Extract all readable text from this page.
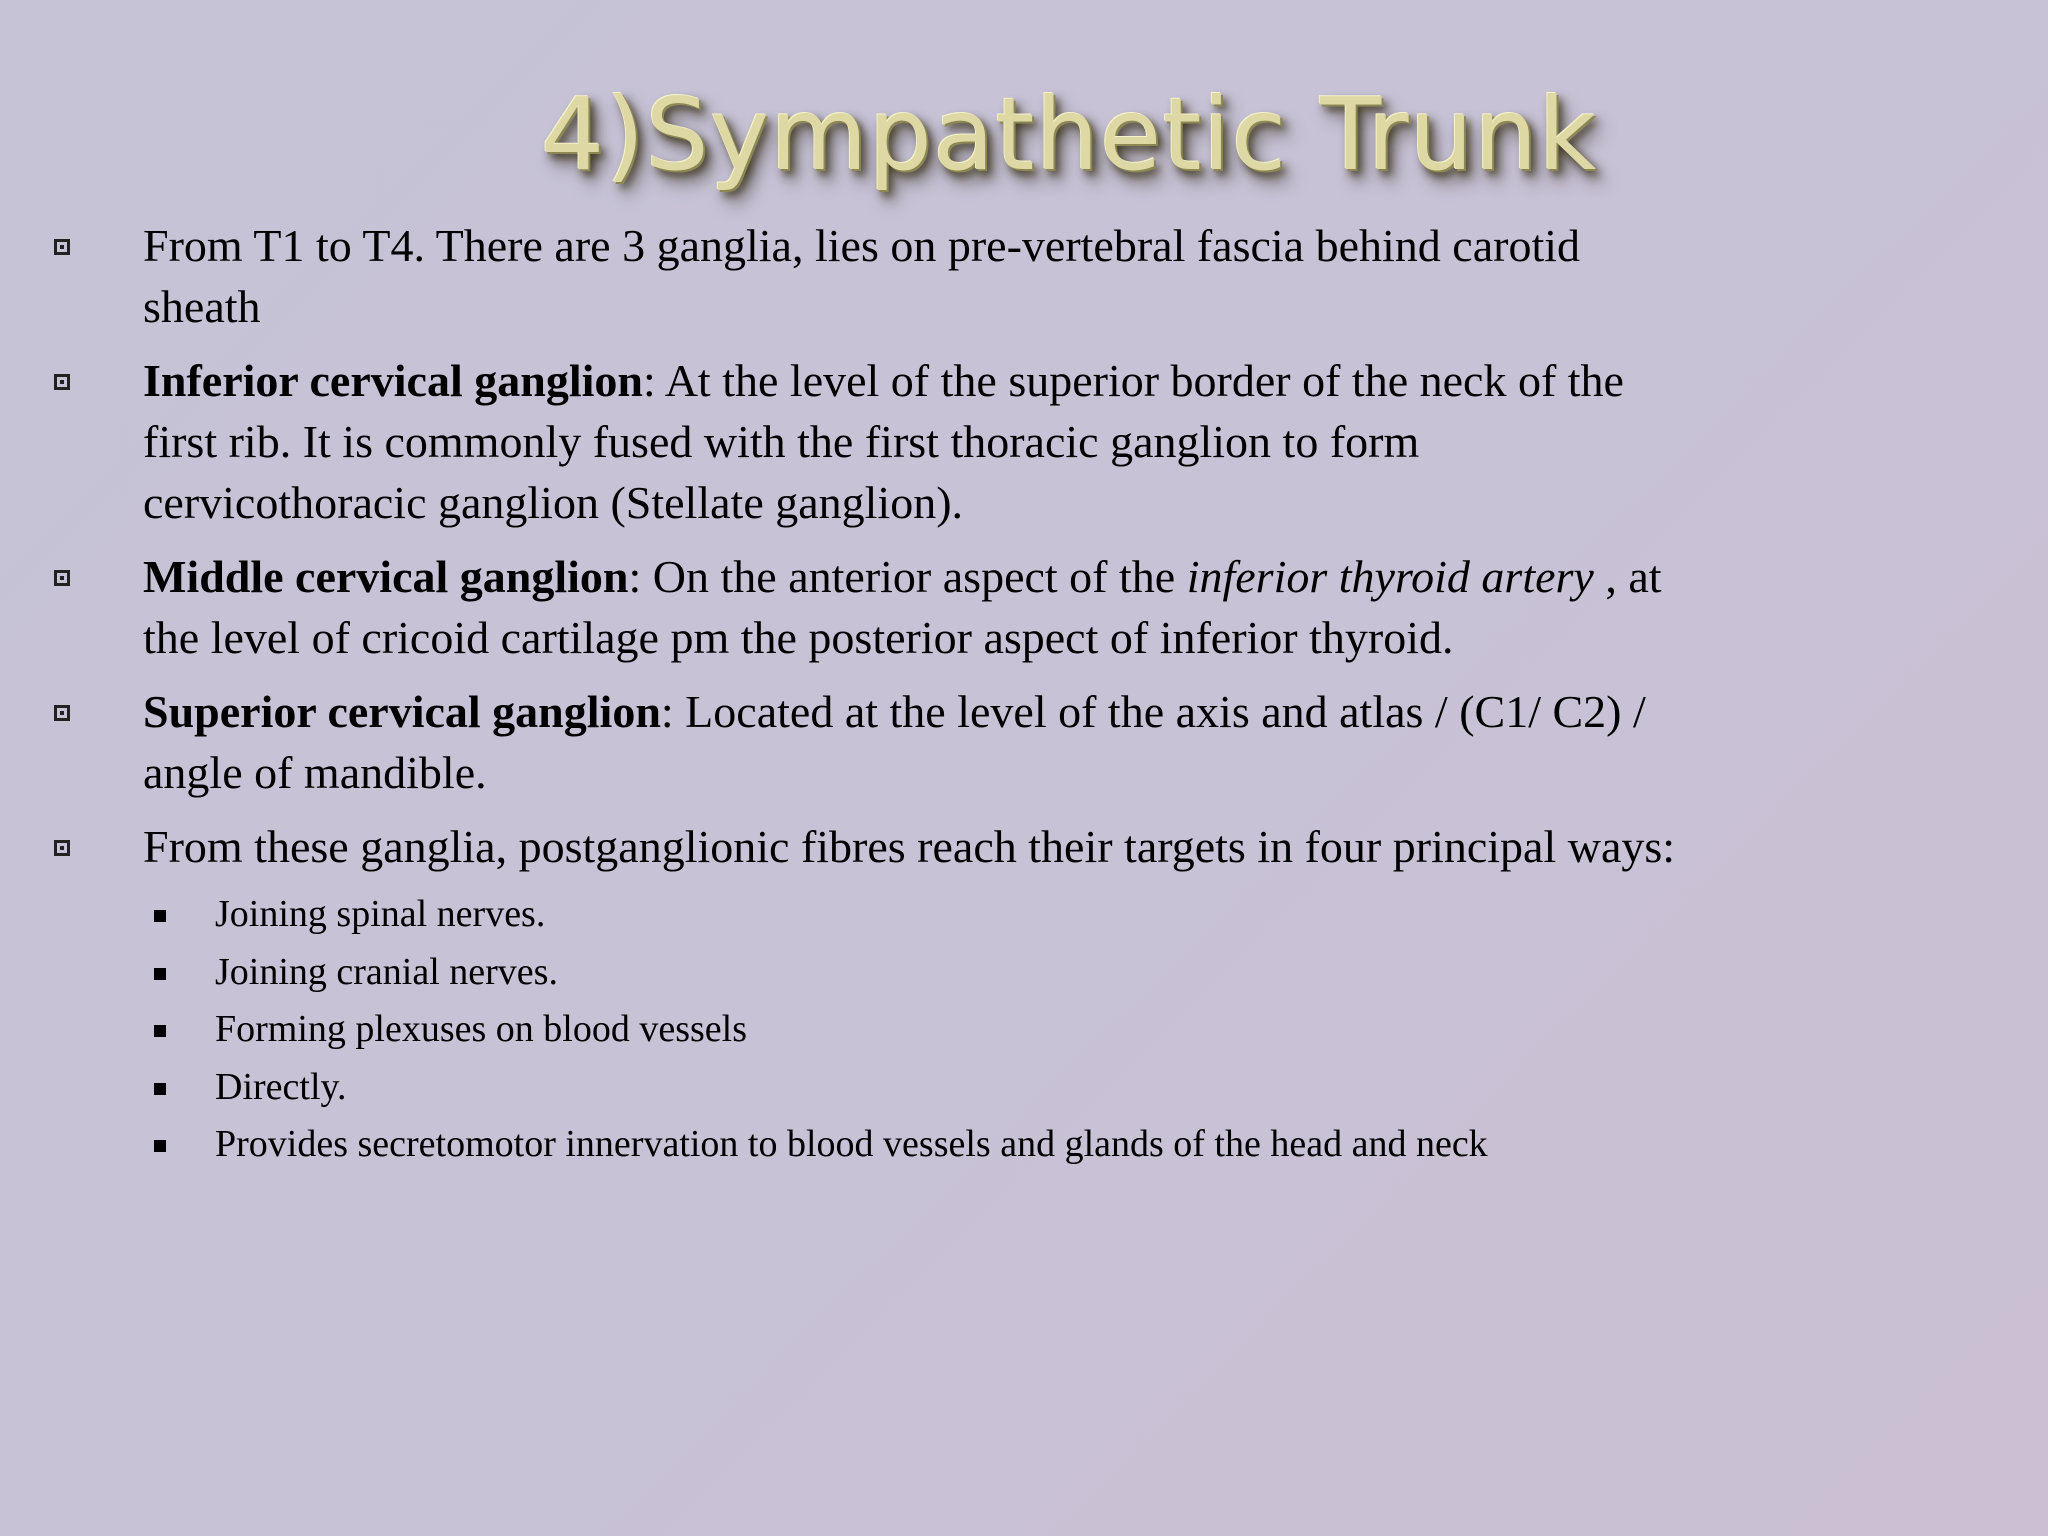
4)Sympathetic Trunk
From T1 to T4. There are 3 ganglia, lies on pre-vertebral fascia behind carotid
sheath
Inferior cervical ganglion: At the level of the superior border of the neck of the
first rib. It is commonly fused with the first thoracic ganglion to form
cervicothoracic ganglion (Stellate ganglion).
Middle cervical ganglion: On the anterior aspect of the inferior thyroid artery , at
the level of cricoid cartilage pm the posterior aspect of inferior thyroid.
Superior cervical ganglion: Located at the level of the axis and atlas / (C1/ C2) /
angle of mandible.
From these ganglia, postganglionic fibres reach their targets in four principal ways:
Joining spinal nerves.
Joining cranial nerves.
Forming plexuses on blood vessels
Directly.
Provides secretomotor innervation to blood vessels and glands of the head and neck
